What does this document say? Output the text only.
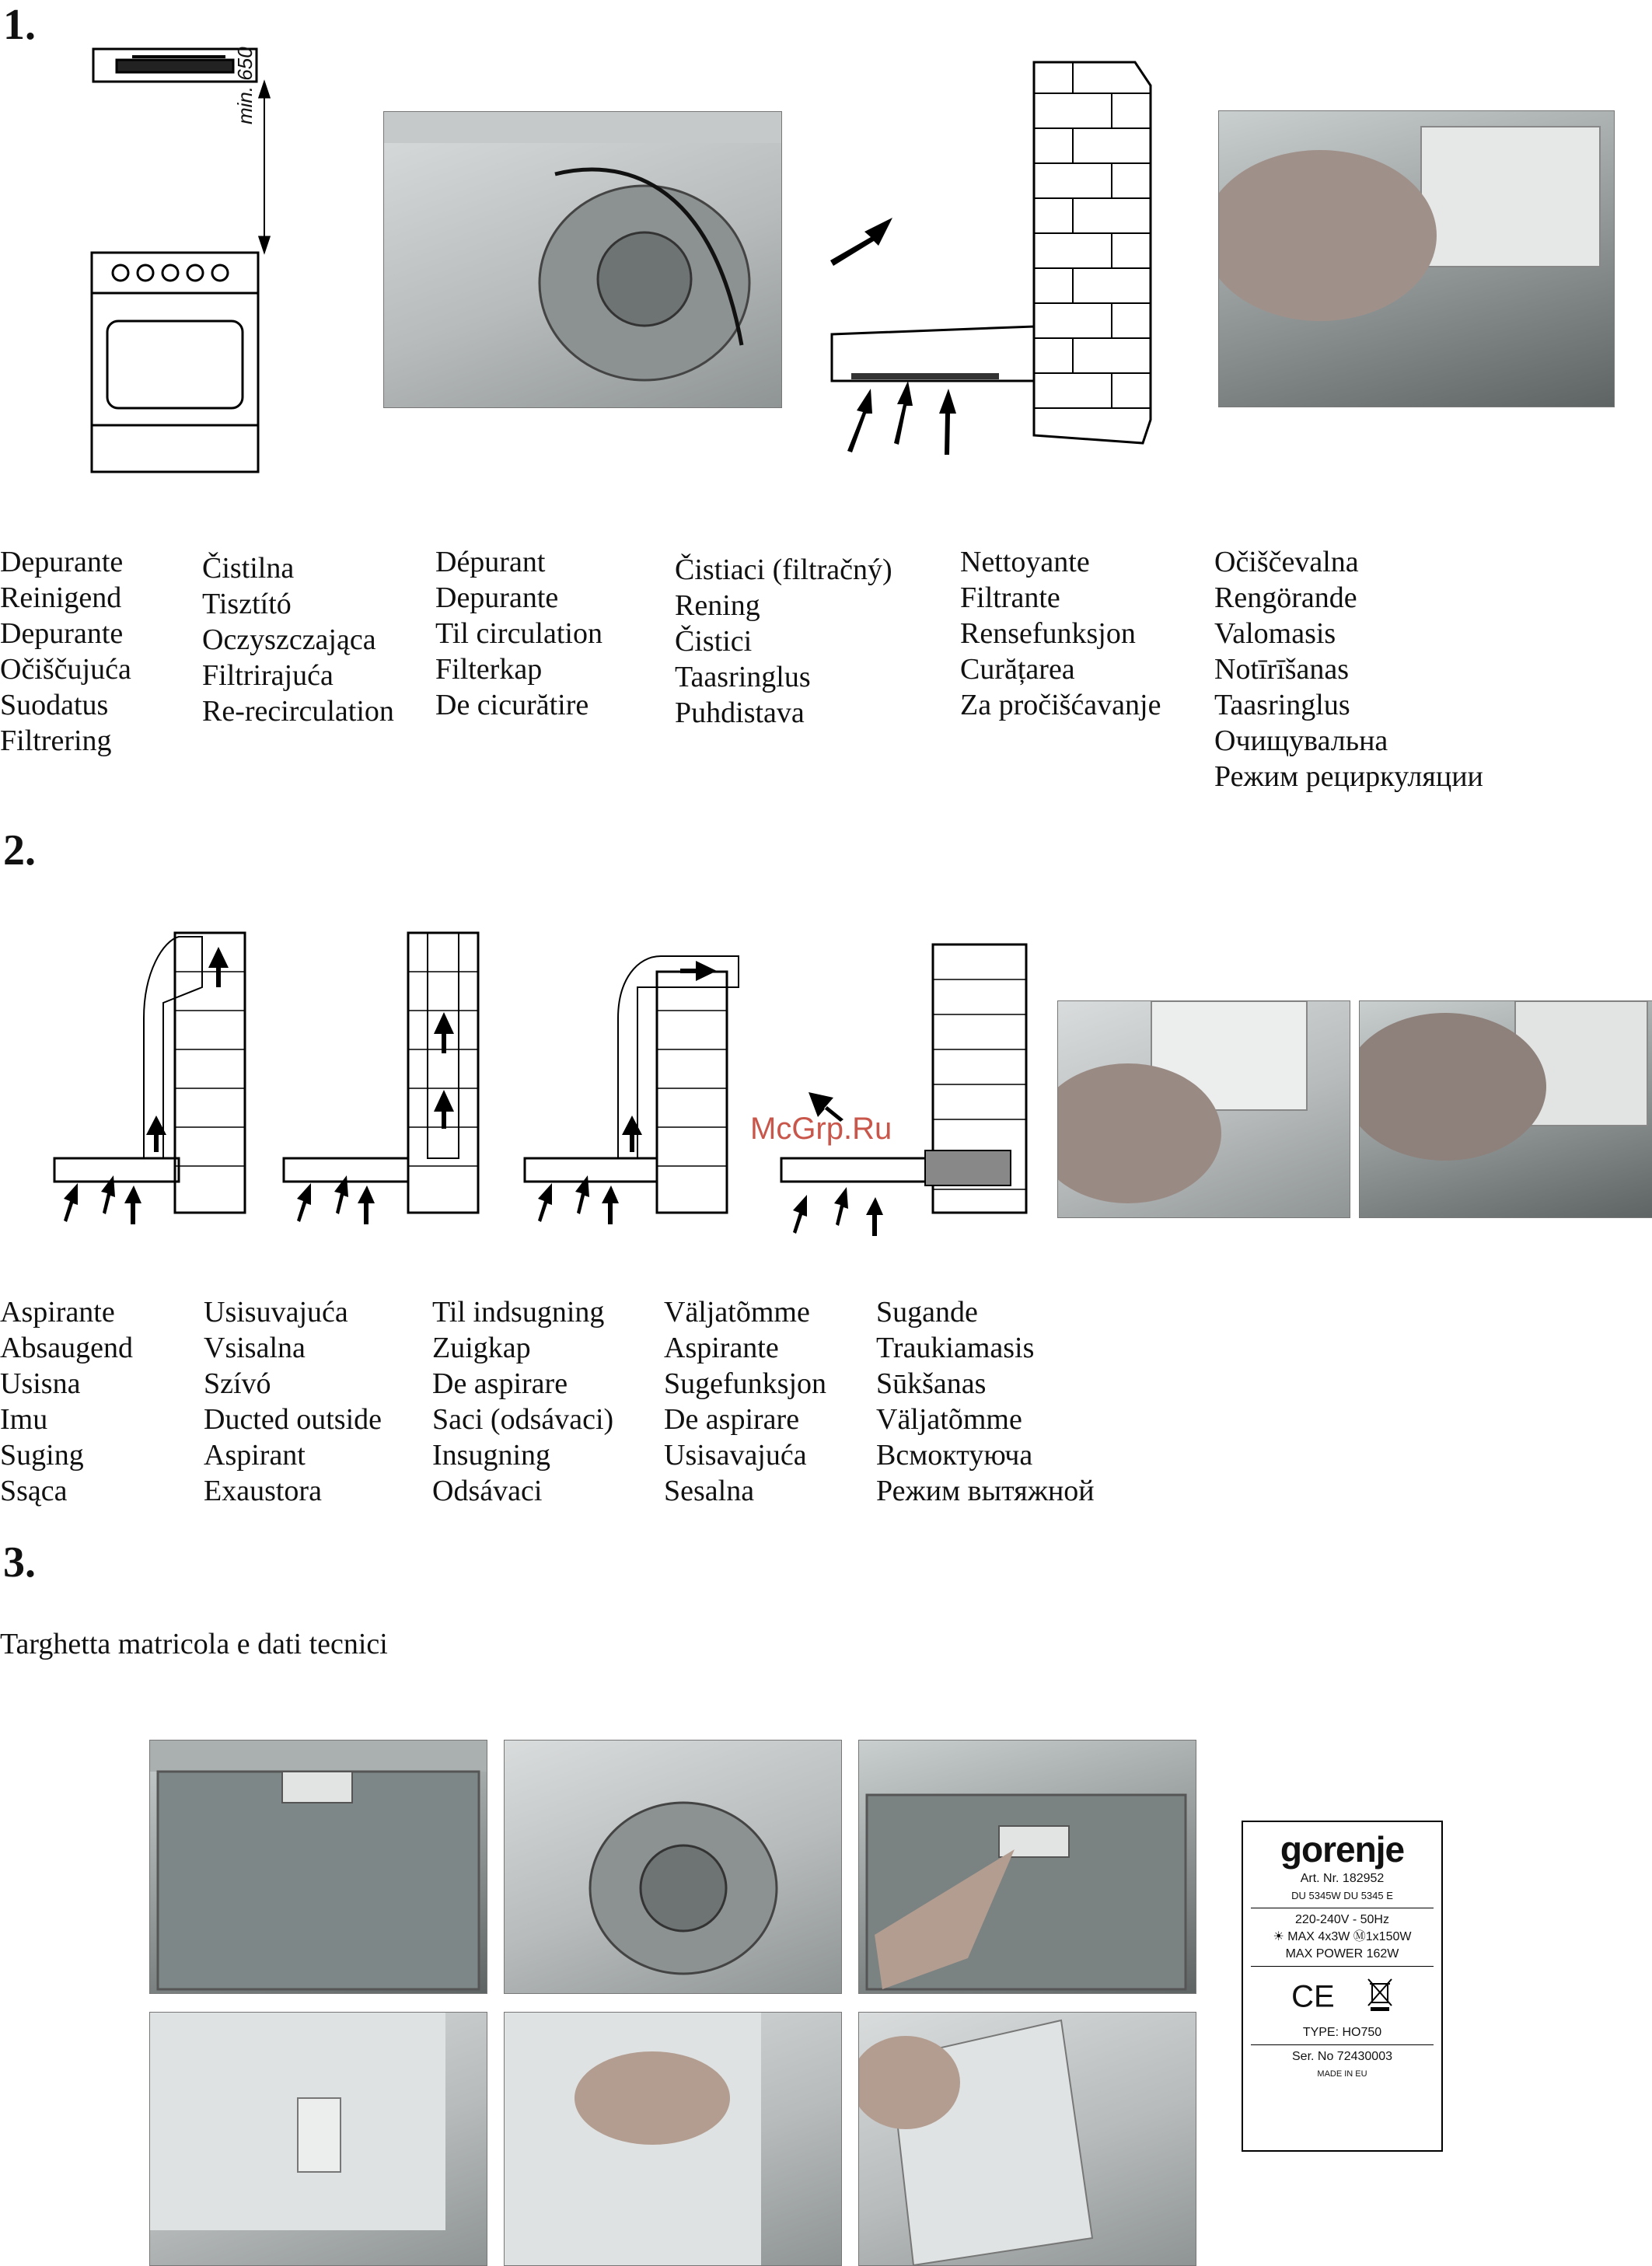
1.
2.
3.
min. 650
Depurante
Reinigend
Depurante
Očiščujuća
Suodatus
Filtrering
Čistilna
Tisztító
Oczyszczająca
Filtrirajuća
Re-recirculation
Dépurant
Depurante
Til circulation
Filterkap
De cicurătire
Čistiaci (filtračný)
Rening
Čistici
Taasringlus
Puhdistava
Nettoyante
Filtrante
Rensefunksjon
Curățarea
Za pročišćavanje
Očiščevalna
Rengörande
Valomasis
Notīrīšanas
Taasringlus
Очищувальна
Режим рециркуляции
McGrp.Ru
Aspirante
Absaugend
Usisna
Imu
Suging
Ssąca
Usisuvajuća
Vsisalna
Szívó
Ducted outside
Aspirant
Exaustora
Til indsugning
Zuigkap
De aspirare
Saci (odsávaci)
Insugning
Odsávaci
Väljatõmme
Aspirante
Sugefunksjon
De aspirare
Usisavajuća
Sesalna
Sugande
Traukiamasis
Sūkšanas
Väljatõmme
Всмоктуюча
Режим вытяжной
Targhetta matricola e dati tecnici
gorenje
Art. Nr. 182952
DU 5345W DU 5345 E
220-240V - 50Hz
☀ MAX 4x3W Ⓜ1x150W
MAX POWER 162W
CE
TYPE: HO750
Ser. No 72430003
MADE IN EU
